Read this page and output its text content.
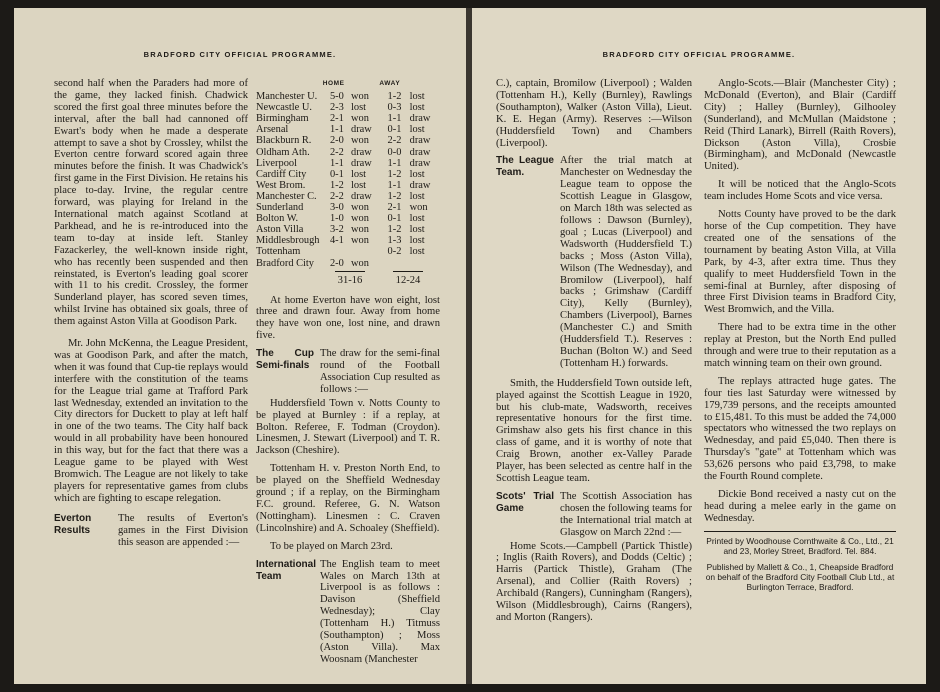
BRADFORD CITY OFFICIAL PROGRAMME.

second half when the Paraders had more of the game, they lacked finish. Chadwick scored the first goal three minutes before the interval, after the ball had cannoned off Ewart's body when he made a desperate attempt to save a shot by Crossley, whilst the Everton centre forward scored again three minutes before the finish. It was Chadwick's first game in the First Division. He retains his place to-day. Irvine, the regular centre forward, was playing for Ireland in the International match against Scotland at Parkhead, and he is re-introduced into the team to-day at inside left. Stanley Fazackerley, the well-known inside right, who has recently been suspended and then reinstated, is Everton's leading goal scorer with 11 to his credit. Crossley, the former Sunderland player, has scored seven times, whilst Irvine has obtained six goals, three of them against Aston Villa at Goodison Park.

Mr. John McKenna, the League President, was at Goodison Park, and after the match, when it was found that Cup-tie replays would interfere with the constitution of the teams for the League trial game at Trafford Park last Wednesday, extended an invitation to the City directors for Duckett to play at left half in one of the two teams. The City half back would in all probability have been honoured in this way, but for the fact that there was a League game to be played with West Bromwich. The League are not likely to take players for representative games from clubs which are fighting to escape relegation.

Everton Results
The results of Everton's games in the First Division this season are appended :—
	HOME		AWAY	
Manchester U.	5-0	won	1-2	lost
Newcastle U.	2-3	lost	0-3	lost
Birmingham	2-1	won	1-1	draw
Arsenal	1-1	draw	0-1	lost
Blackburn R.	2-0	won	2-2	draw
Oldham Ath.	2-2	draw	0-0	draw
Liverpool	1-1	draw	1-1	draw
Cardiff City	0-1	lost	1-2	lost
West Brom.	1-2	lost	1-1	draw
Manchester C.	2-2	draw	1-2	lost
Sunderland	3-0	won	2-1	won
Bolton W.	1-0	won	0-1	lost
Aston Villa	3-2	won	1-2	lost
Middlesbrough	4-1	won	1-3	lost
Tottenham			0-2	lost
Bradford City	2-0	won		
31-16	12-24

At home Everton have won eight, lost three and drawn four. Away from home they have won one, lost nine, and drawn five.

The Cup Semi-finals
The draw for the semi-final round of the Football Association Cup resulted as follows :—

Huddersfield Town v. Notts County to be played at Burnley : if a replay, at Bolton. Referee, F. Todman (Croydon). Linesmen, J. Stewart (Liverpool) and T. R. Jackson (Cheshire).

Tottenham H. v. Preston North End, to be played on the Sheffield Wednesday ground ; if a replay, on the Birmingham F.C. ground. Referee, G. N. Watson (Nottingham). Linesmen : C. Craven (Lincolnshire) and A. Schoaley (Sheffield).

To be played on March 23rd.

International Team
The English team to meet Wales on March 13th at Liverpool is as follows : Davison (Sheffield Wednesday); Clay (Tottenham H.) Titmuss (Southampton) ; Moss (Aston Villa). Max Woosnam (Manchester
BRADFORD CITY OFFICIAL PROGRAMME.

C.), captain, Bromilow (Liverpool) ; Walden (Tottenham H.), Kelly (Burnley), Rawlings (Southampton), Walker (Aston Villa), Lieut. K. E. Hegan (Army). Reserves :—Wilson (Huddersfield Town) and Chambers (Liverpool).

The League Team.
After the trial match at Manchester on Wednesday the League team to oppose the Scottish League in Glasgow, on March 18th was selected as follows : Dawson (Burnley), goal ; Lucas (Liverpool) and Wadsworth (Huddersfield T.) backs ; Moss (Aston Villa), Wilson (The Wednesday), and Bromilow (Liverpool), half backs ; Grimshaw (Cardiff City), Kelly (Burnley), Chambers (Liverpool), Barnes (Manchester C.) and Smith (Huddersfield T.). Reserves : Buchan (Bolton W.) and Seed (Tottenham H.) forwards.

Smith, the Huddersfield Town outside left, played against the Scottish League in 1920, but his club-mate, Wadsworth, receives representative honours for the first time. Grimshaw also gets his first chance in this class of game, and it is worthy of note that Craig Brown, another ex-Valley Parade Player, has been selected as centre half in the Scottish League team.

Scots' Trial Game
The Scottish Association has chosen the following teams for the International trial match at Glasgow on March 22nd :—

Home Scots.—Campbell (Partick Thistle) ; Inglis (Raith Rovers), and Dodds (Celtic) ; Harris (Partick Thistle), Graham (The Arsenal), and Collier (Raith Rovers) ; Archibald (Rangers), Cunningham (Rangers), Wilson (Middlesbrough), Cairns (Rangers), and Morton (Rangers).

Anglo-Scots.—Blair (Manchester City) ; McDonald (Everton), and Blair (Cardiff City) ; Halley (Burnley), Gilhooley (Sunderland), and McMullan (Maidstone ; Reid (Third Lanark), Birrell (Raith Rovers), Dickson (Aston Villa), Crosbie (Birmingham), and McDonald (Newcastle United).

It will be noticed that the Anglo-Scots team includes Home Scots and vice versa.

Notts County have proved to be the dark horse of the Cup competition. They have created one of the sensations of the tournament by beating Aston Villa, at Villa Park, by 4-3, after extra time. Thus they qualify to meet Huddersfield Town in the semi-final at Burnley, after disposing of three First Division teams in Bradford City, West Bromwich, and the Villa.

There had to be extra time in the other replay at Preston, but the North End pulled through and were true to their reputation as a match winning team on their own ground.

The replays attracted huge gates. The four ties last Saturday were witnessed by 179,739 persons, and the receipts amounted to £15,481. To this must be added the 74,000 spectators who witnessed the two replays on Wednesday, and paid £5,040. Then there is Thursday's "gate" at Tottenham which was 53,626 persons who paid £3,798, to make the Fourth Round complete.

Dickie Bond received a nasty cut on the head during a melee early in the game on Wednesday.

Printed by Woodhouse Cornthwaite & Co., Ltd., 21 and 23, Morley Street, Bradford. Tel. 884.

Published by Mallett & Co., 1, Cheapside Bradford on behalf of the Bradford City Football Club Ltd., at Burlington Terrace, Bradford.
